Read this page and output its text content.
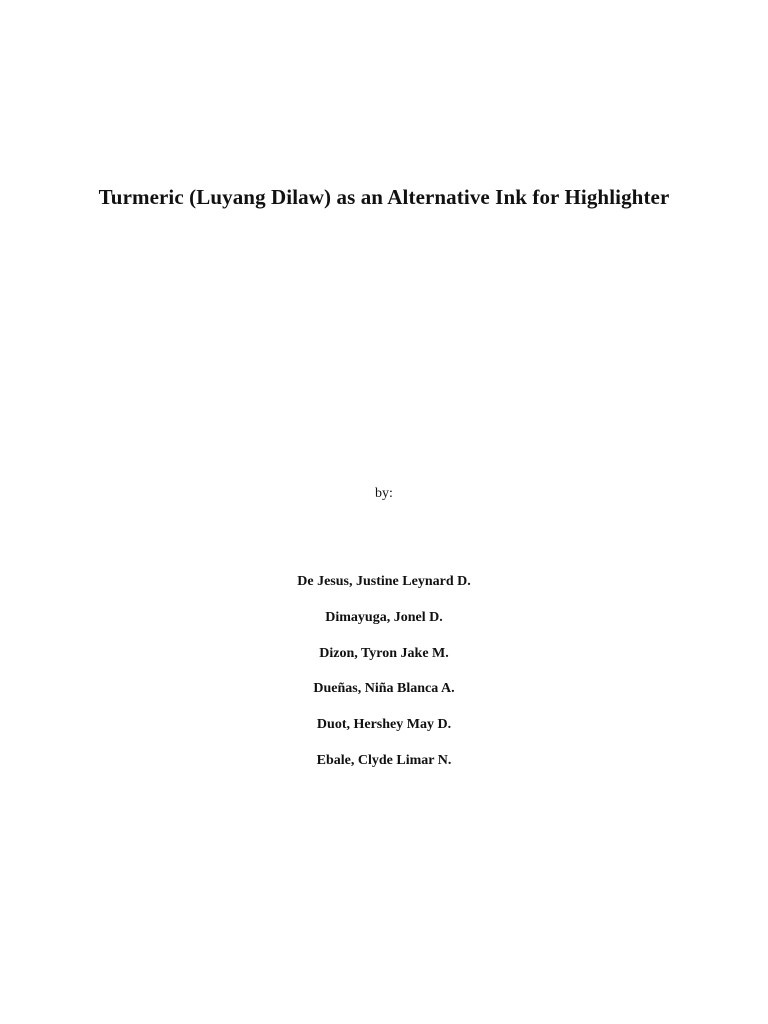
Turmeric (Luyang Dilaw) as an Alternative Ink for Highlighter
by:
De Jesus, Justine Leynard D.
Dimayuga, Jonel D.
Dizon, Tyron Jake M.
Dueñas, Niña Blanca A.
Duot, Hershey May D.
Ebale, Clyde Limar N.
